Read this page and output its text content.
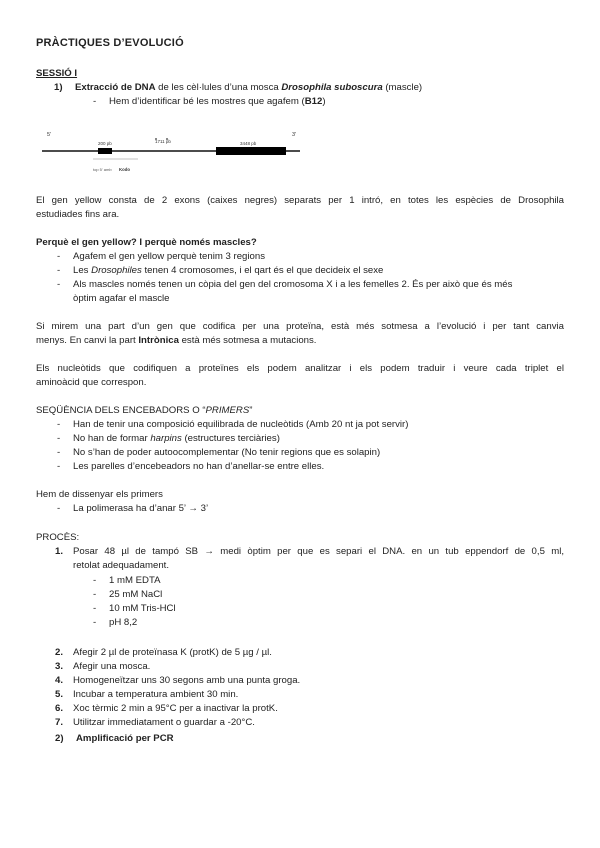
PRÀCTIQUES D’EVOLUCIÓ
SESSIÓ I
1) Extracció de DNA de les cèl·lules d’una mosca Drosophila suboscura (mascle)
- Hem d’identificar bé les mostres que agafem (B12)
5'	3'
200 pb	1711 pb	3448 pb
top 5' amb Kodo
El gen yellow consta de 2 exons (caixes negres) separats per 1 intró, en totes les espècies de Drosophila
estudiades fins ara.
Perquè el gen yellow? I perquè només mascles?
- Agafem el gen yellow perquè tenim 3 regions
- Les Drosophiles tenen 4 cromosomes, i el qart és el que decideix el sexe
- Als mascles només tenen un còpia del gen del cromosoma X i a les femelles 2. És per això que és més
òptim agafar el mascle
Si mirem una part d’un gen que codifica per una proteïna, està més sotmesa a l’evolució i per tant canvia
menys. En canvi la part Intrònica està més sotmesa a mutacions.
Els nucleòtids que codifiquen a proteïnes els podem analitzar i els podem traduir i veure cada triplet el
aminoàcid que correspon.
SEQÜÈNCIA DELS ENCEBADORS O “PRIMERS”
- Han de tenir una composició equilibrada de nucleòtids (Amb 20 nt ja pot servir)
- No han de formar harpins (estructures terciàries)
- No s’han de poder autoocomplementar (No tenir regions que es solapin)
- Les parelles d’encebeadors no han d’anellar-se entre elles.
Hem de dissenyar els primers
- La polimerasa ha d’anar 5’ → 3’
PROCÈS:
1. Posar 48 µl de tampó SB → medi òptim per que es separi el DNA. en un tub eppendorf de 0,5 ml,
retolat adequadament.
- 1 mM EDTA
- 25 mM NaCl
- 10 mM Tris-HCl
- pH 8,2
2. Afegir 2 µl de proteïnasa K (protK) de 5 µg / µl.
3. Afegir una mosca.
4. Homogeneïtzar uns 30 segons amb una punta groga.
5. Incubar a temperatura ambient 30 min.
6. Xoc tèrmic 2 min a 95°C per a inactivar la protK.
7. Utilitzar immediatament o guardar a -20°C.
2) Amplificació per PCR
